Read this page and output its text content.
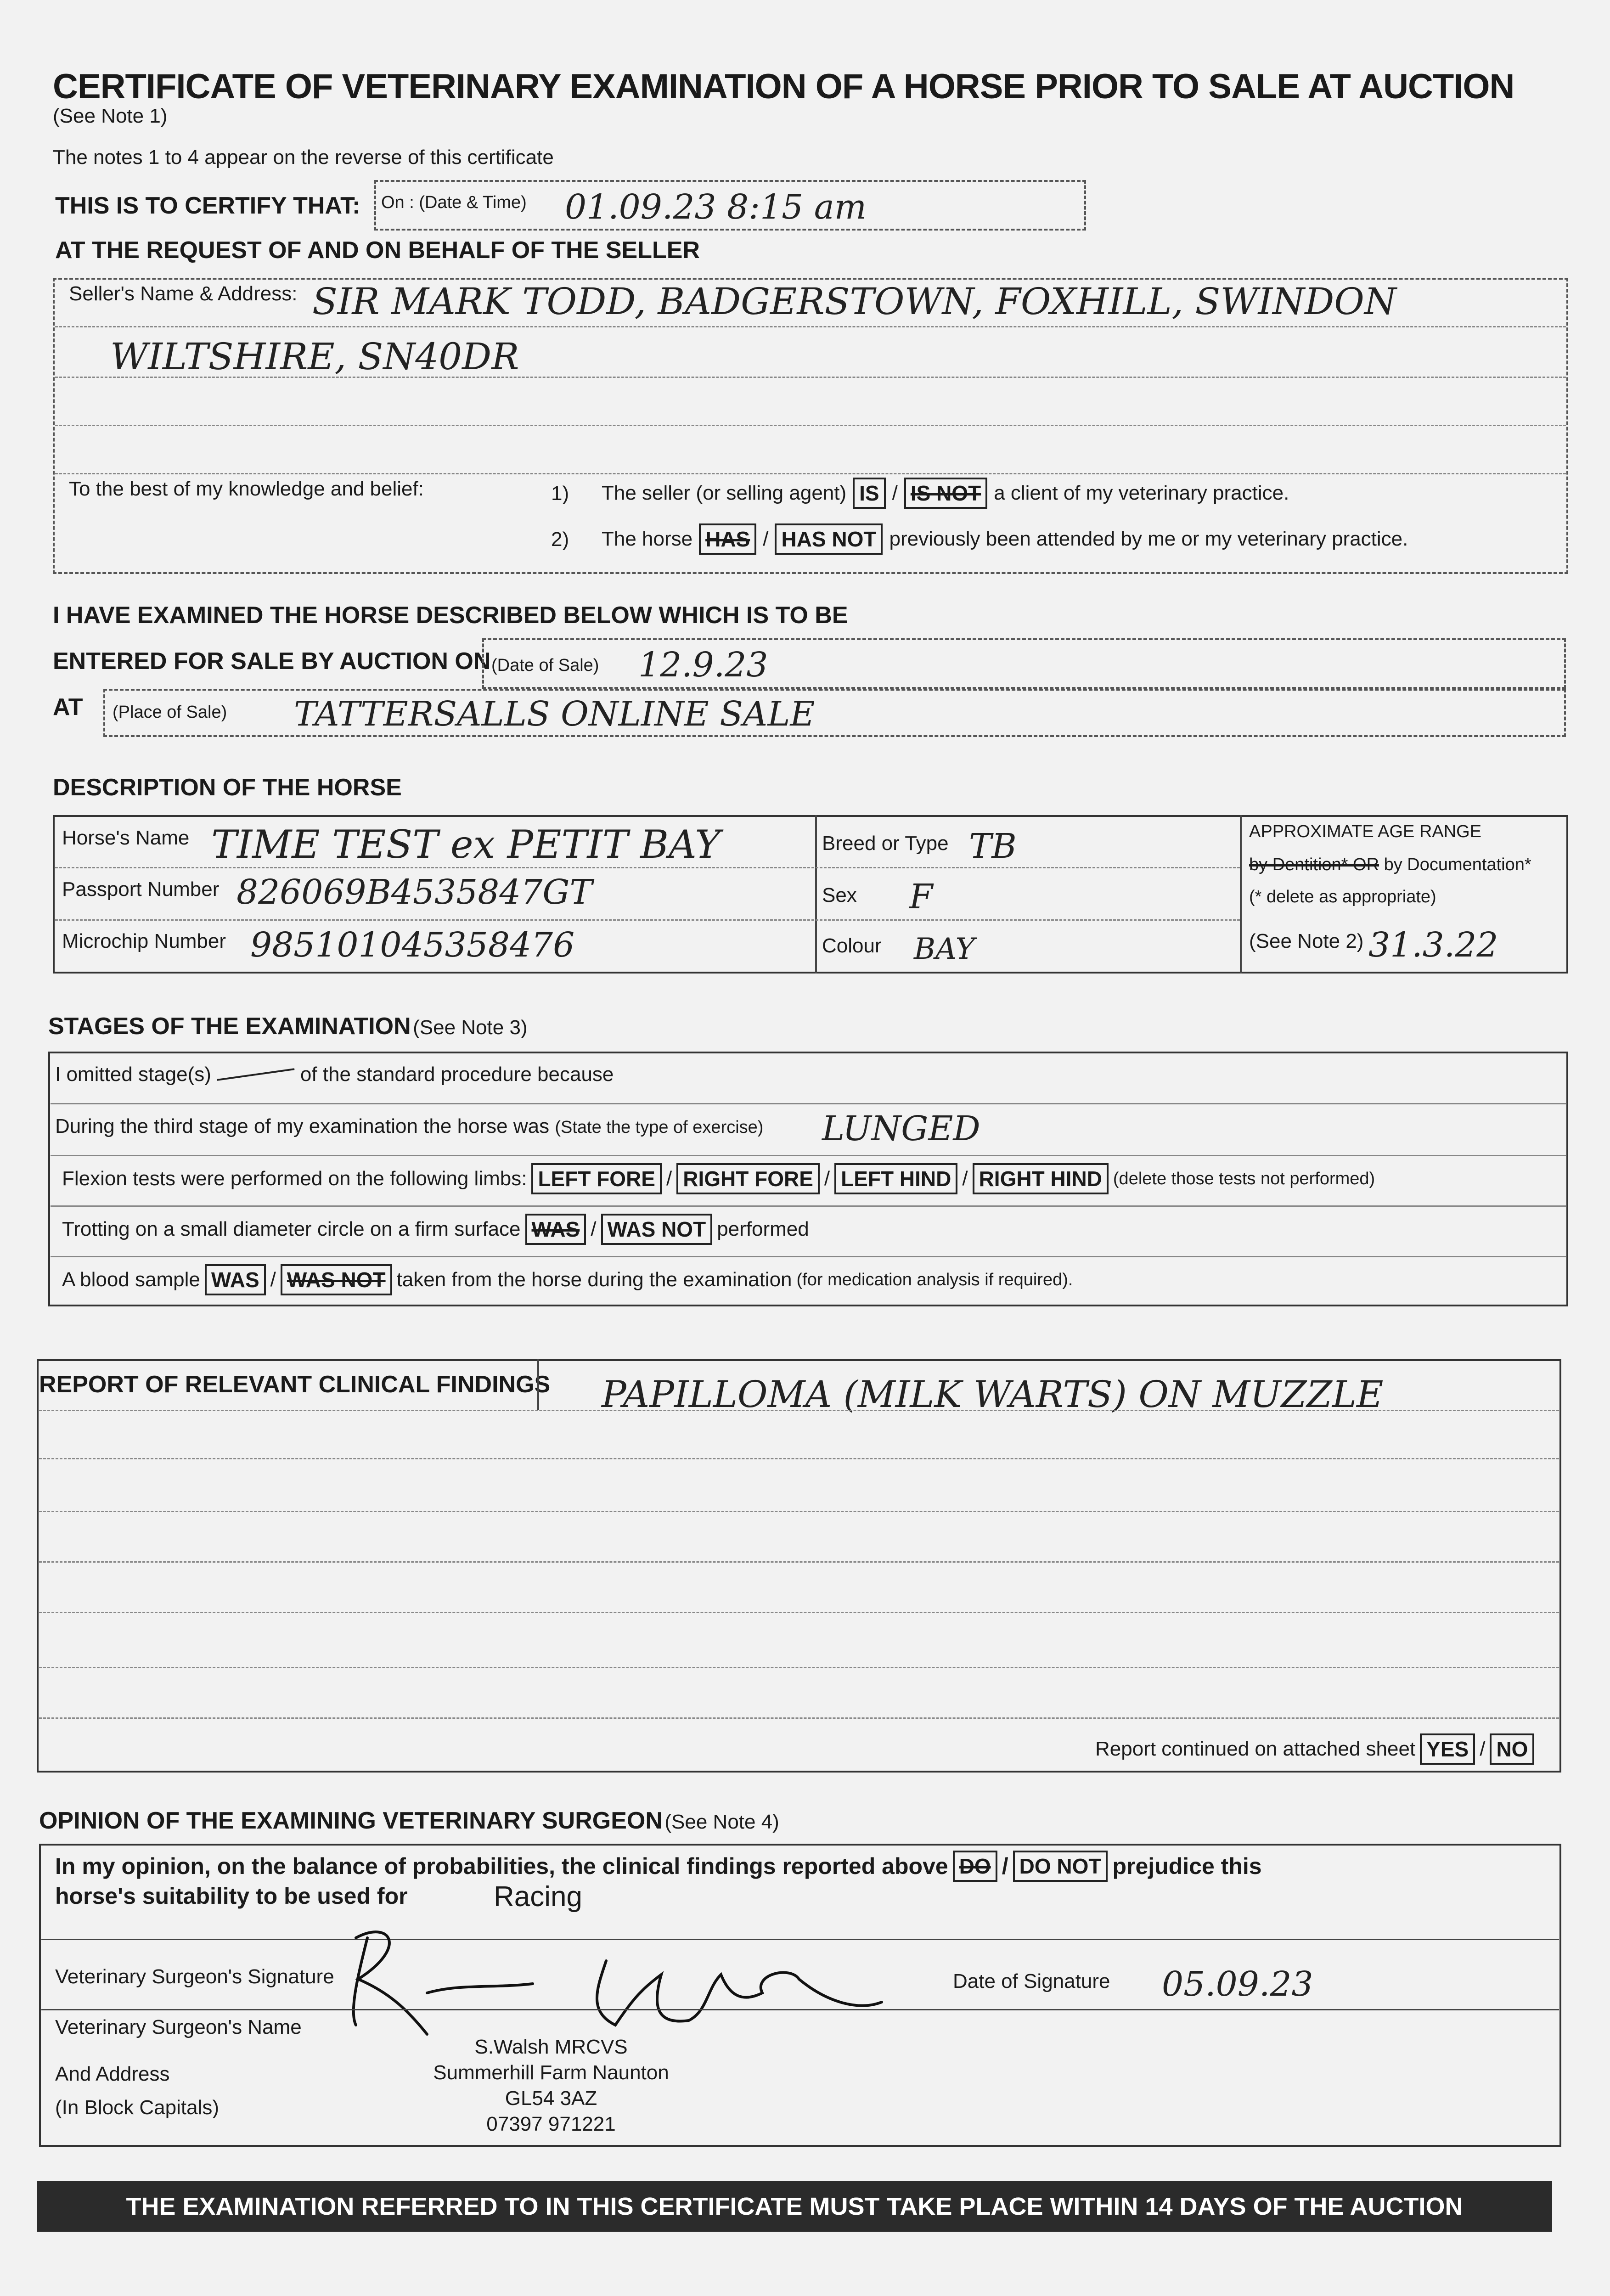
CERTIFICATE OF VETERINARY EXAMINATION OF A HORSE PRIOR TO SALE AT AUCTION
(See Note 1)
The notes 1 to 4 appear on the reverse of this certificate
THIS IS TO CERTIFY THAT: On : (Date & Time) 01.09.23 8:15 am
AT THE REQUEST OF AND ON BEHALF OF THE SELLER
Seller's Name & Address: SIR MARK TODD, BADGERSTOWN, FOXHILL, SWINDON
WILTSHIRE, SN40DR
To the best of my knowledge and belief:	1) The seller (or selling agent) IS / IS NOT a client of my veterinary practice.
2) The horse HAS / HAS NOT previously been attended by me or my veterinary practice.
I HAVE EXAMINED THE HORSE DESCRIBED BELOW WHICH IS TO BE
ENTERED FOR SALE BY AUCTION ON (Date of Sale) 12.9.23
AT (Place of Sale) TATTERSALLS ONLINE SALE
DESCRIPTION OF THE HORSE
Horse's Name TIME TEST ex PETIT BAY
Passport Number 826069B4535847GT
Microchip Number 985101045358476
Breed or Type TB
Sex F
Colour BAY
APPROXIMATE AGE RANGE
by Dentition* OR by Documentation*
(* delete as appropriate)
(See Note 2) 31.3.22
STAGES OF THE EXAMINATION (See Note 3)
I omitted stage(s)	of the standard procedure because
During the third stage of my examination the horse was (State the type of exercise) LUNGED
Flexion tests were performed on the following limbs: LEFT FORE / RIGHT FORE / LEFT HIND / RIGHT HIND (delete those tests not performed)
Trotting on a small diameter circle on a firm surface WAS / WAS NOT performed
A blood sample WAS / WAS NOT taken from the horse during the examination (for medication analysis if required).
REPORT OF RELEVANT CLINICAL FINDINGS PAPILLOMA (MILK WARTS) ON MUZZLE
Report continued on attached sheet YES / NO
OPINION OF THE EXAMINING VETERINARY SURGEON (See Note 4)
In my opinion, on the balance of probabilities, the clinical findings reported above DO / DO NOT prejudice this
horse's suitability to be used for	Racing
Veterinary Surgeon's Signature	Date of Signature 05.09.23
Veterinary Surgeon's Name
And Address
(In Block Capitals)
S.Walsh MRCVS
Summerhill Farm Naunton
GL54 3AZ
07397 971221
THE EXAMINATION REFERRED TO IN THIS CERTIFICATE MUST TAKE PLACE WITHIN 14 DAYS OF THE AUCTION
